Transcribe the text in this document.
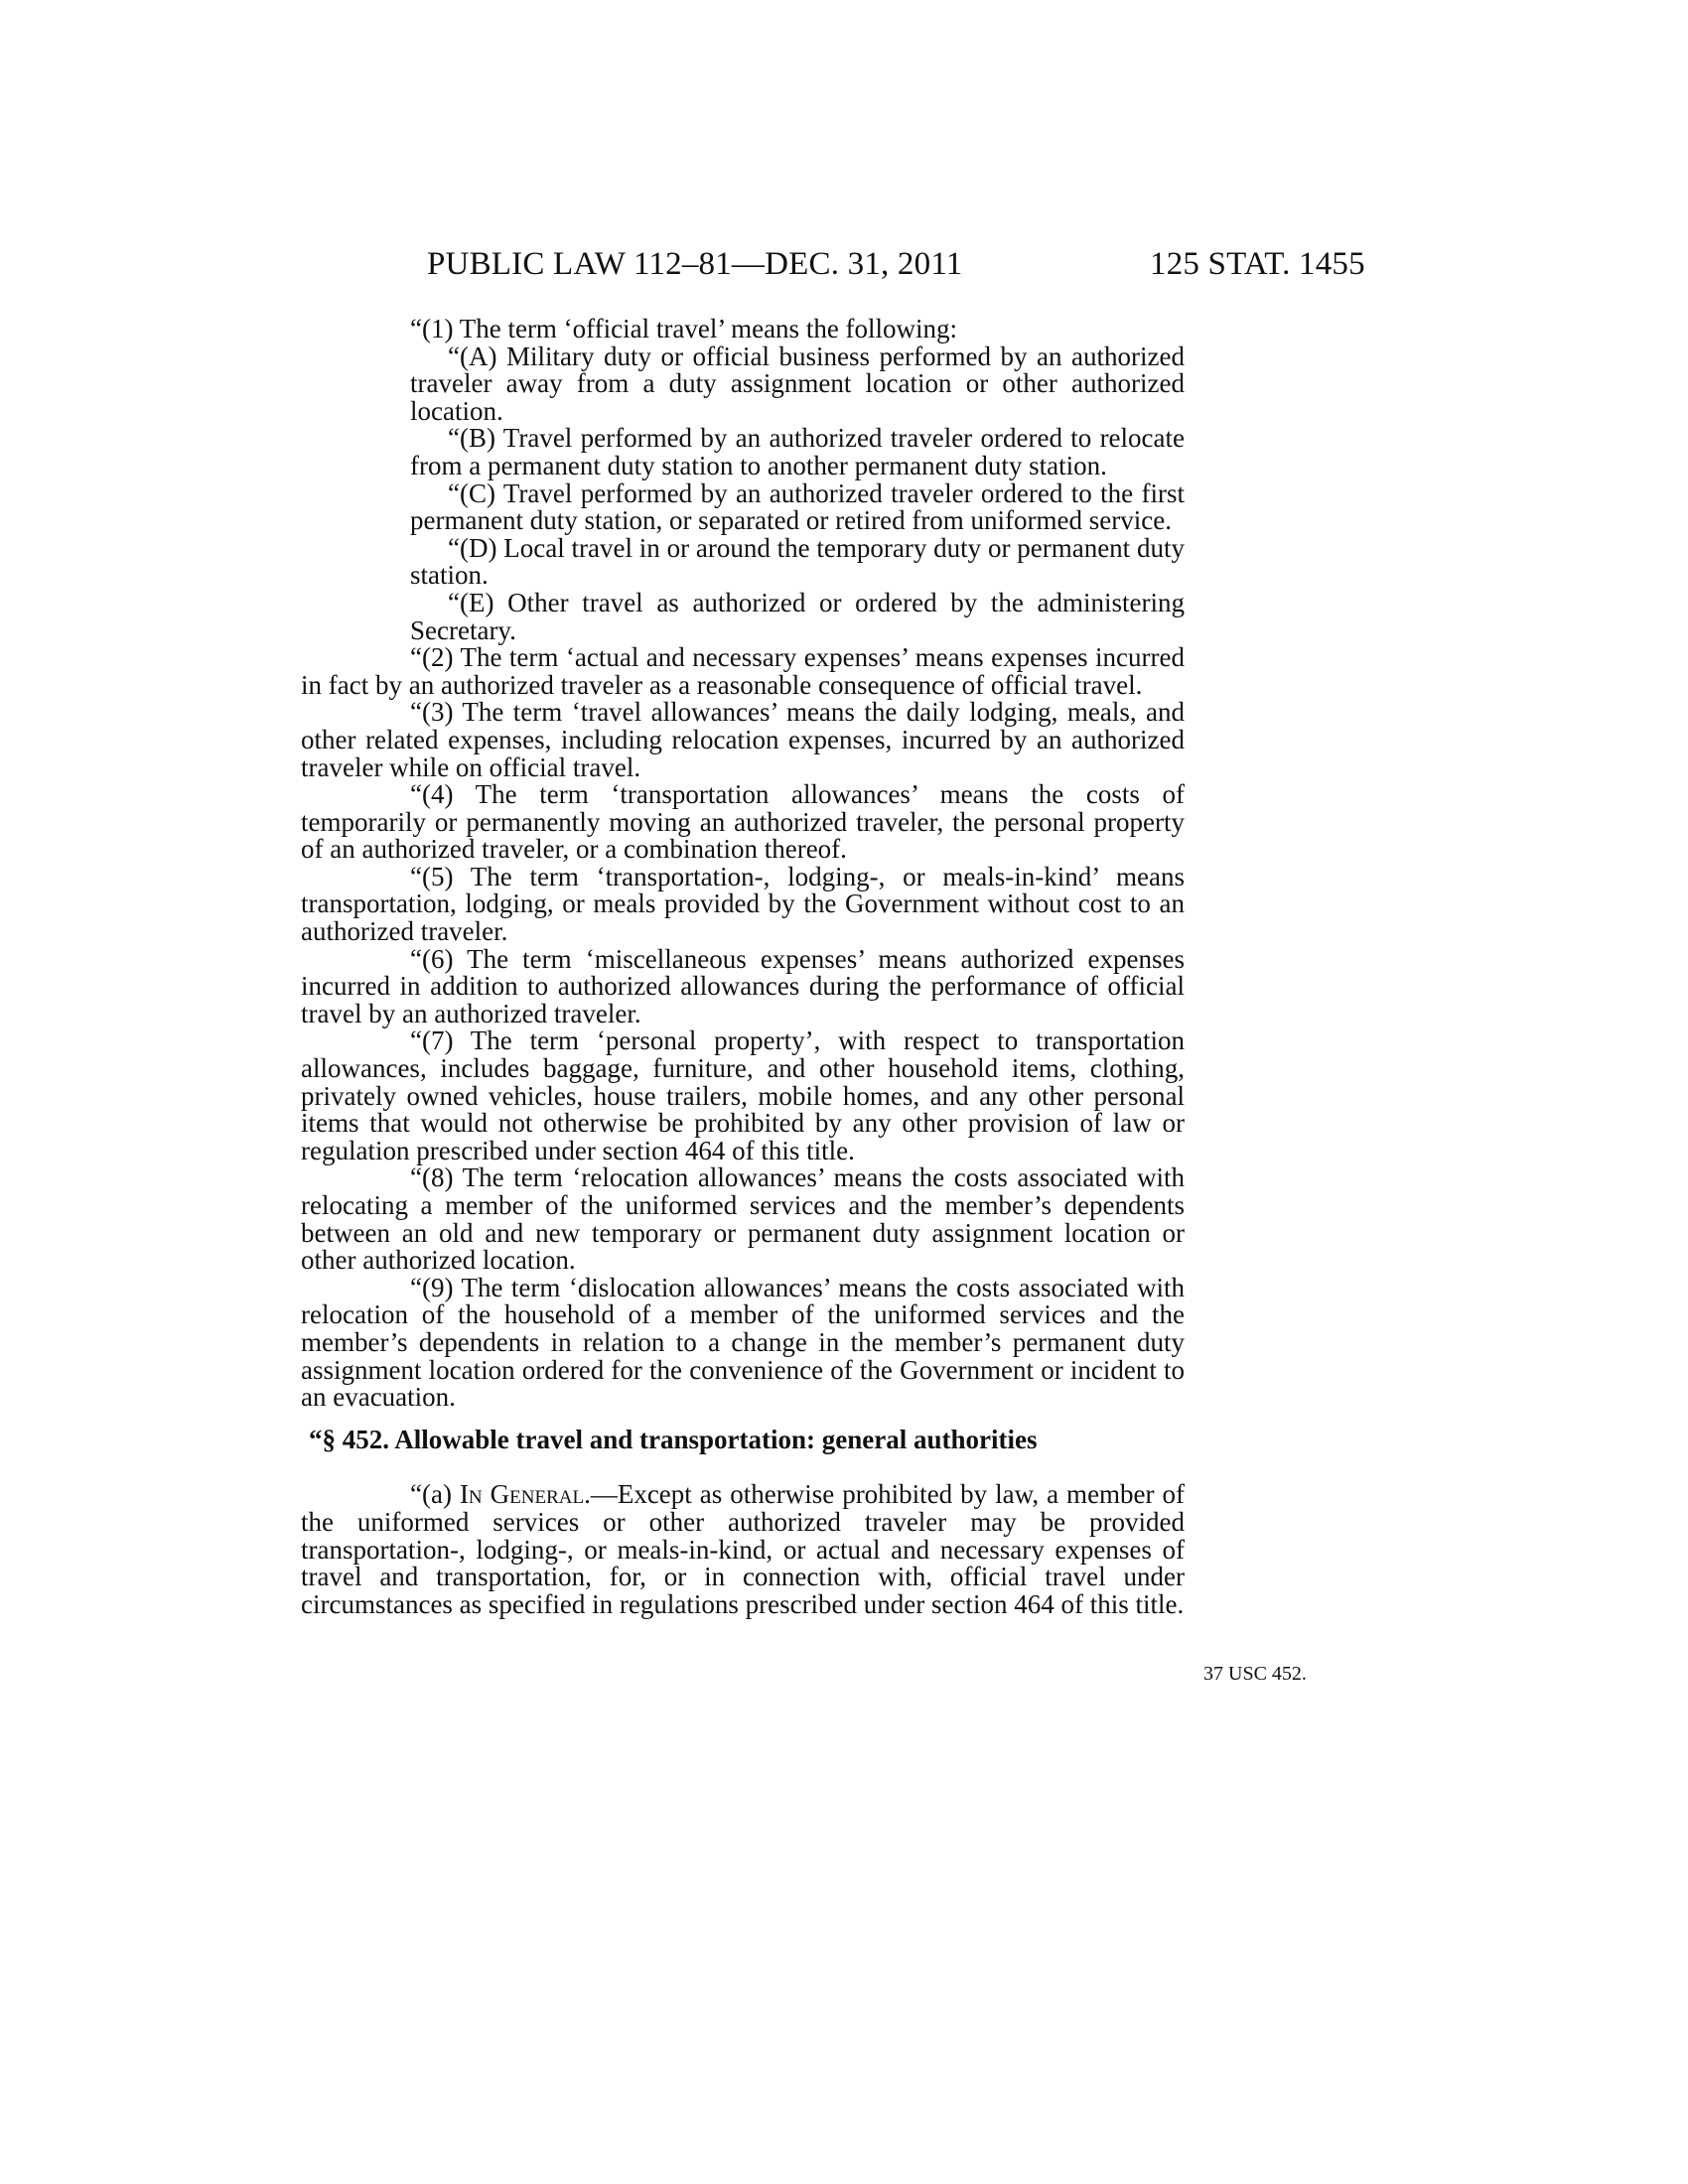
PUBLIC LAW 112–81—DEC. 31, 2011	125 STAT. 1455

“(1) The term ‘official travel’ means the following:

“(A) Military duty or official business performed by an authorized traveler away from a duty assignment location or other authorized location.

“(B) Travel performed by an authorized traveler ordered to relocate from a permanent duty station to another permanent duty station.

“(C) Travel performed by an authorized traveler ordered to the first permanent duty station, or separated or retired from uniformed service.

“(D) Local travel in or around the temporary duty or permanent duty station.

“(E) Other travel as authorized or ordered by the administering Secretary.

“(2) The term ‘actual and necessary expenses’ means expenses incurred in fact by an authorized traveler as a reasonable consequence of official travel.

“(3) The term ‘travel allowances’ means the daily lodging, meals, and other related expenses, including relocation expenses, incurred by an authorized traveler while on official travel.

“(4) The term ‘transportation allowances’ means the costs of temporarily or permanently moving an authorized traveler, the personal property of an authorized traveler, or a combination thereof.

“(5) The term ‘transportation-, lodging-, or meals-in-kind’ means transportation, lodging, or meals provided by the Government without cost to an authorized traveler.

“(6) The term ‘miscellaneous expenses’ means authorized expenses incurred in addition to authorized allowances during the performance of official travel by an authorized traveler.

“(7) The term ‘personal property’, with respect to transportation allowances, includes baggage, furniture, and other household items, clothing, privately owned vehicles, house trailers, mobile homes, and any other personal items that would not otherwise be prohibited by any other provision of law or regulation prescribed under section 464 of this title.

“(8) The term ‘relocation allowances’ means the costs associated with relocating a member of the uniformed services and the member’s dependents between an old and new temporary or permanent duty assignment location or other authorized location.

“(9) The term ‘dislocation allowances’ means the costs associated with relocation of the household of a member of the uniformed services and the member’s dependents in relation to a change in the member’s permanent duty assignment location ordered for the convenience of the Government or incident to an evacuation.

“§ 452. Allowable travel and transportation: general authorities

“(a) In General.—Except as otherwise prohibited by law, a member of the uniformed services or other authorized traveler may be provided transportation-, lodging-, or meals-in-kind, or actual and necessary expenses of travel and transportation, for, or in connection with, official travel under circumstances as specified in regulations prescribed under section 464 of this title.

37 USC 452.
